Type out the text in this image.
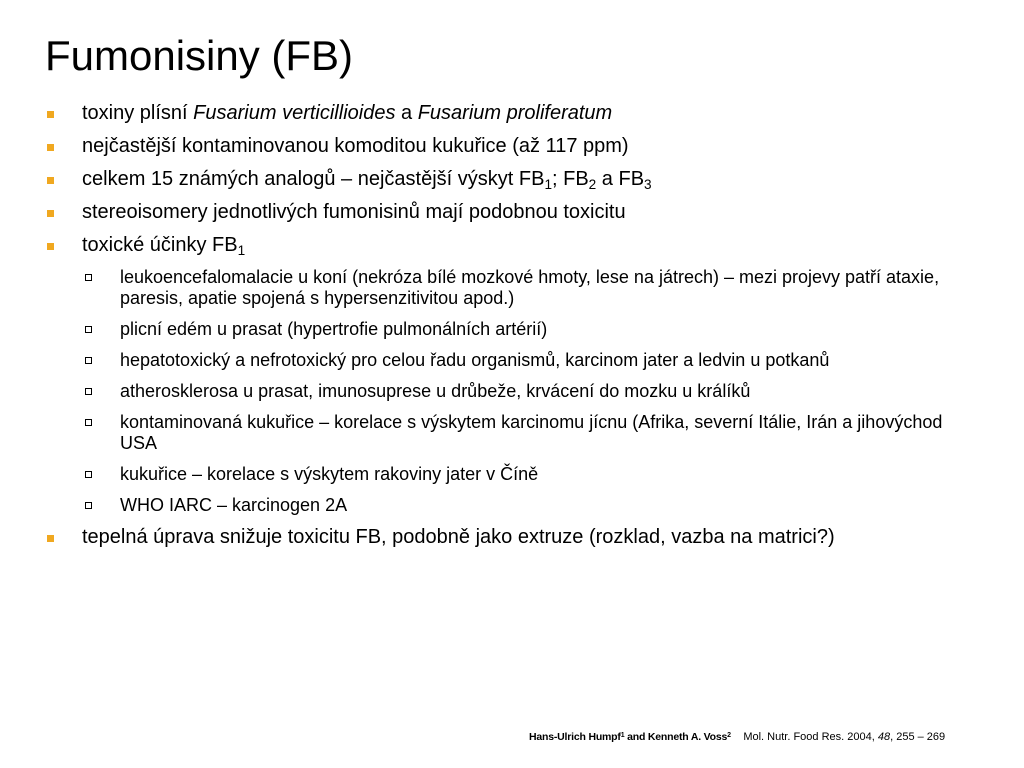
Fumonisiny (FB)
toxiny plísní Fusarium verticillioides a Fusarium proliferatum
nejčastější kontaminovanou komoditou kukuřice (až 117 ppm)
celkem 15 známých analogů – nejčastější výskyt $FB_1$; $FB_2$ a $FB_3$
stereoisomery jednotlivých fumonisinů mají podobnou toxicitu
toxické účinky $FB_1$
leukoencefalomalacie u koní (nekróza bílé mozkové hmoty, lese na játrech) – mezi projevy patří ataxie, paresis, apatie spojená s hypersenzitivitou apod.)
plicní edém u prasat (hypertrofie pulmonálních artérií)
hepatotoxický a nefrotoxický pro celou řadu organismů, karcinom jater a ledvin u potkanů
atherosklerosa u prasat, imunosuprese u drůbeže, krvácení do mozku u králíků
kontaminovaná kukuřice – korelace s výskytem karcinomu jícnu (Afrika, severní Itálie, Irán a jihovýchod USA
kukuřice – korelace s výskytem rakoviny jater v Číně
WHO IARC – karcinogen 2A
tepelná úprava snižuje toxicitu FB, podobně jako extruze (rozklad, vazba na matrici?)
Hans-Ulrich Humpf$^1$ and Kenneth A. Voss$^2$ Mol. Nutr. Food Res. 2004, 48, 255 – 269
